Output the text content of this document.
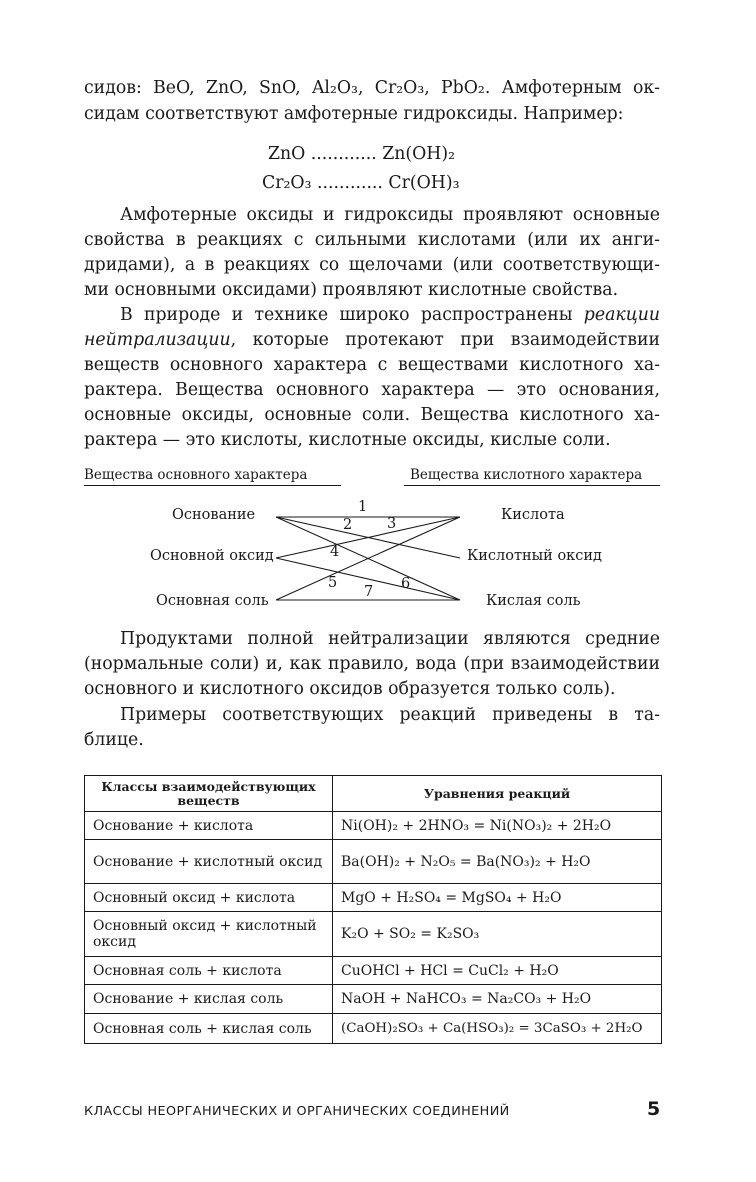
сидов: BeO, ZnO, SnO, Al₂O₃, Cr₂O₃, PbO₂. Амфотерным ок-
сидам соответствуют амфотерные гидроксиды. Например:
ZnO ............ Zn(OH)₂
Cr₂O₃ ............ Cr(OH)₃
Амфотерные оксиды и гидроксиды проявляют основные
свойства в реакциях с сильными кислотами (или их анги-
дридами), а в реакциях со щелочами (или соответствующи-
ми основными оксидами) проявляют кислотные свойства.
В природе и технике широко распространены реакции
нейтрализации, которые протекают при взаимодействии
веществ основного характера с веществами кислотного ха-
рактера. Вещества основного характера — это основания,
основные оксиды, основные соли. Вещества кислотного ха-
рактера — это кислоты, кислотные оксиды, кислые соли.
Вещества основного характера	Вещества кислотного характера
Основание
Основной оксид
Основная соль
Кислота
Кислотный оксид
Кислая соль
1
2 3
4
5	6
7
Продуктами полной нейтрализации являются средние
(нормальные соли) и, как правило, вода (при взаимодействии
основного и кислотного оксидов образуется только соль).
Примеры соответствующих реакций приведены в та-
блице.
Классы взаимодействующих веществ	Уравнения реакций
Основание + кислота	Ni(OH)₂ + 2HNO₃ = Ni(NO₃)₂ + 2H₂O
Основание + кислотный оксид	Ba(OH)₂ + N₂O₅ = Ba(NO₃)₂ + H₂O
Основный оксид + кислота	MgO + H₂SO₄ = MgSO₄ + H₂O
Основный оксид + кислотный оксид	K₂O + SO₂ = K₂SO₃
Основная соль + кислота	CuOHCl + HCl = CuCl₂ + H₂O
Основание + кислая соль	NaOH + NaHCO₃ = Na₂CO₃ + H₂O
Основная соль + кислая соль	(CaOH)₂SO₃ + Ca(HSO₃)₂ = 3CaSO₃ + 2H₂O
КЛАССЫ НЕОРГАНИЧЕСКИХ И ОРГАНИЧЕСКИХ СОЕДИНЕНИЙ	5
